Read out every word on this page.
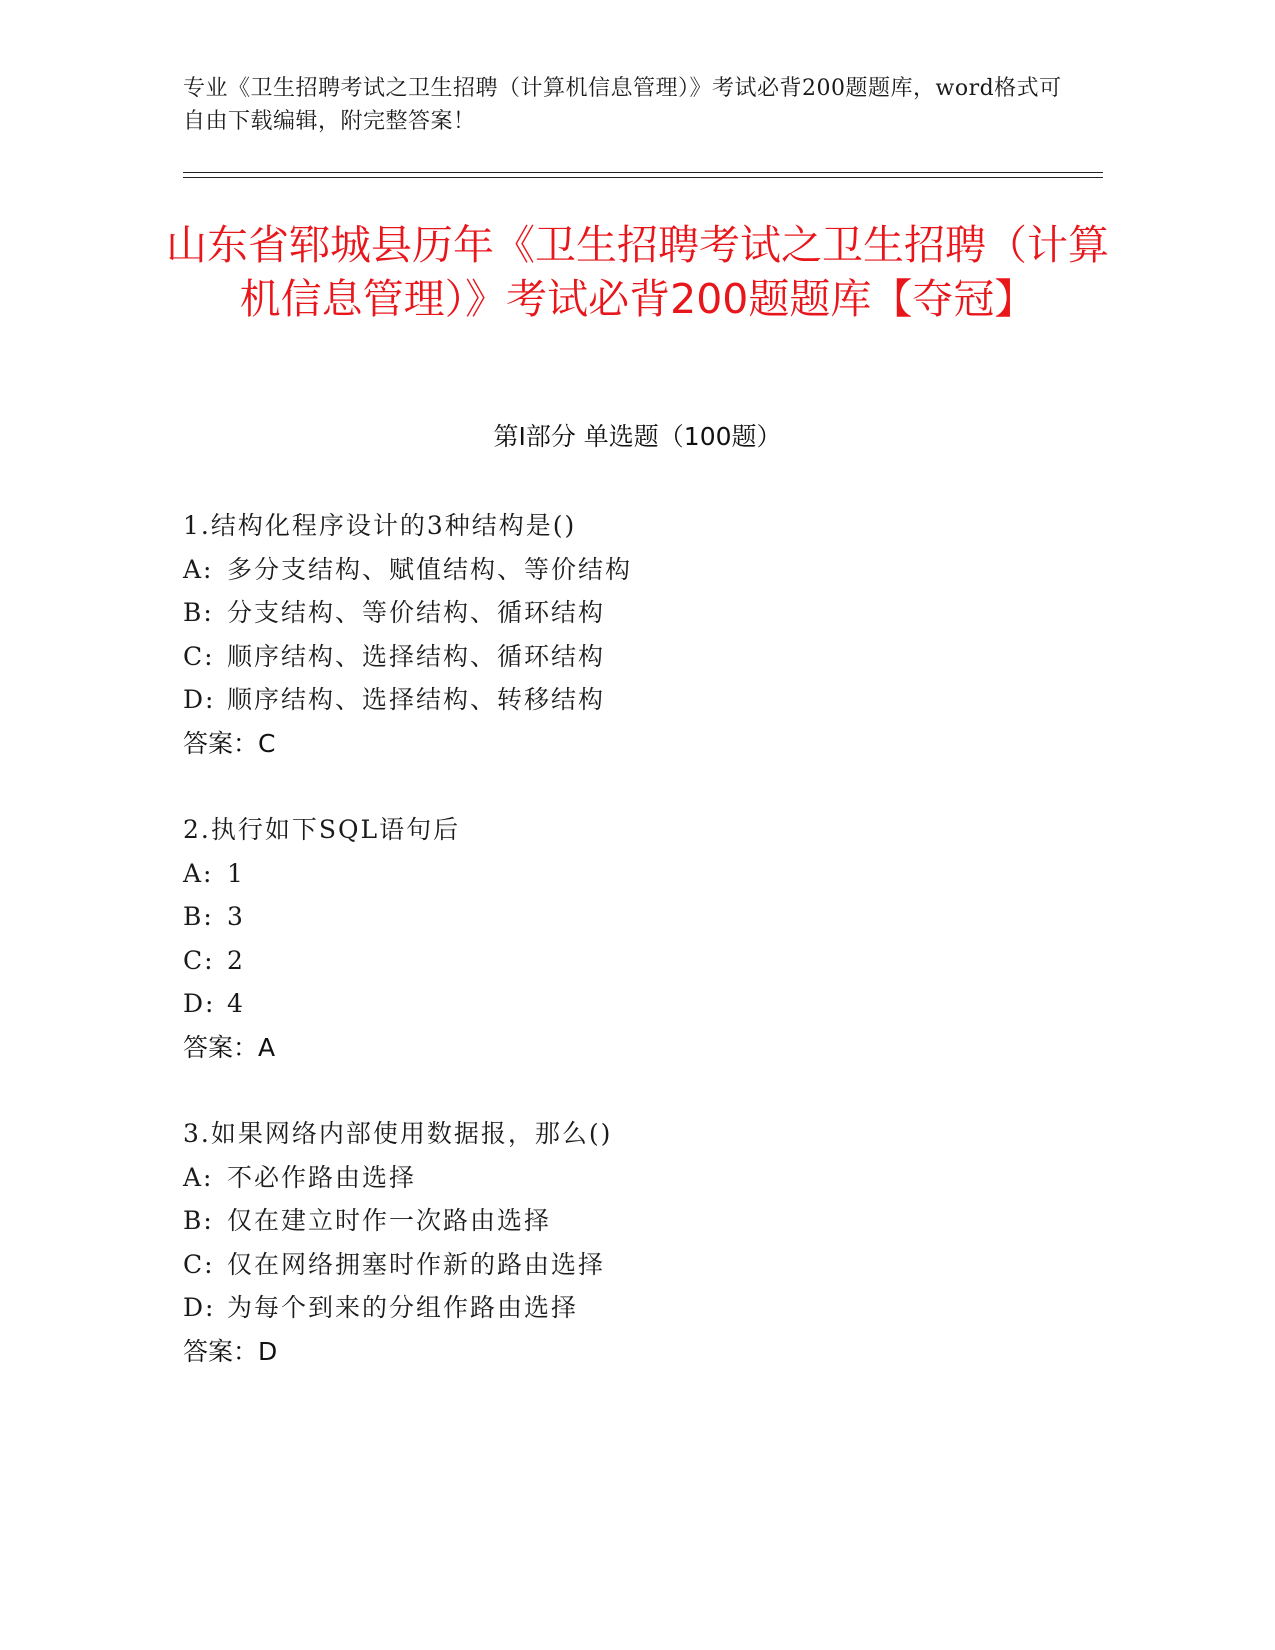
专业《卫生招聘考试之卫生招聘（计算机信息管理）》考试必背200题题库，word格式可自由下载编辑，附完整答案！
山东省郓城县历年《卫生招聘考试之卫生招聘（计算机信息管理）》考试必背200题题库【夺冠】
第Ⅰ部分 单选题（100题）
1.结构化程序设计的3种结构是()
A: 多分支结构、赋值结构、等价结构
B: 分支结构、等价结构、循环结构
C: 顺序结构、选择结构、循环结构
D: 顺序结构、选择结构、转移结构
答案：C
2.执行如下SQL语句后
A: 1
B: 3
C: 2
D: 4
答案：A
3.如果网络内部使用数据报，那么()
A: 不必作路由选择
B: 仅在建立时作一次路由选择
C: 仅在网络拥塞时作新的路由选择
D: 为每个到来的分组作路由选择
答案：D
